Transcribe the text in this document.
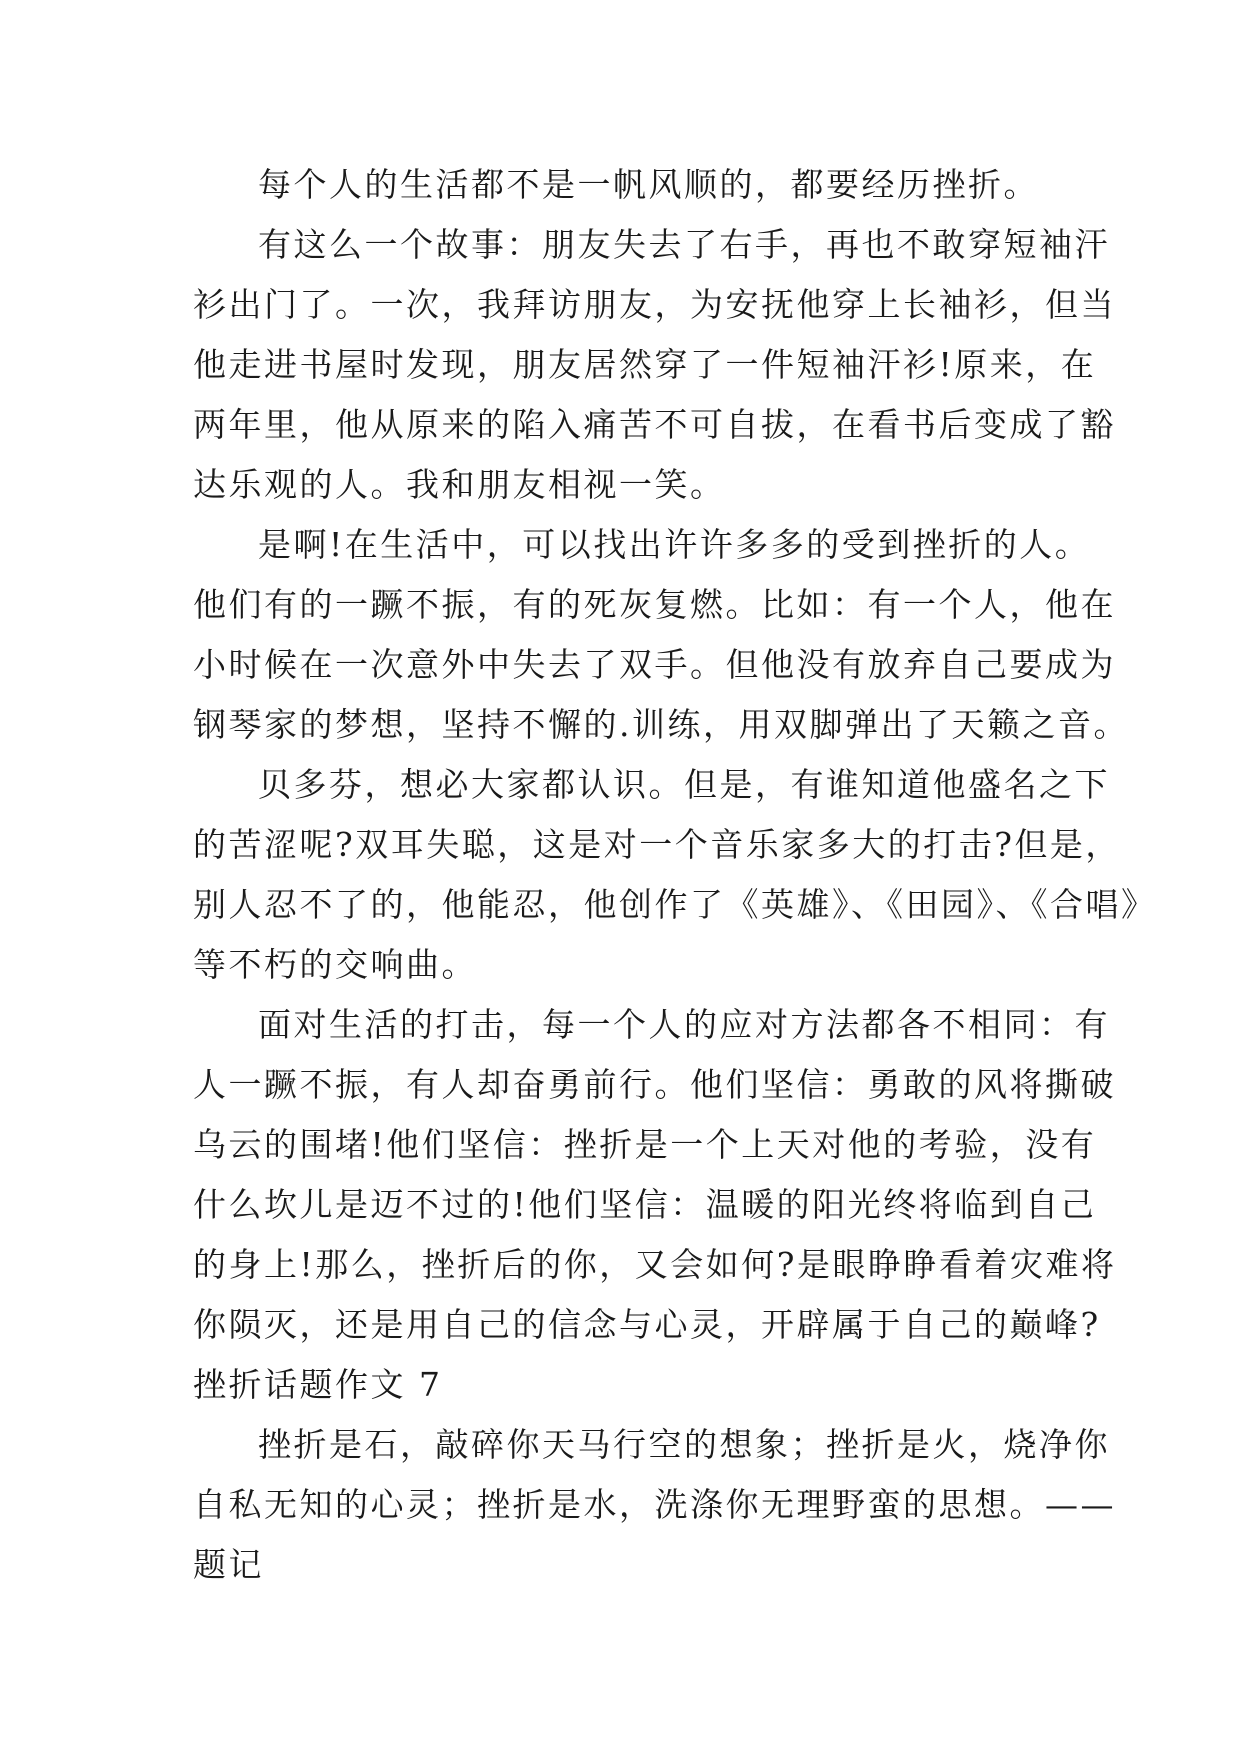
每个人的生活都不是一帆风顺的，都要经历挫折。
有这么一个故事：朋友失去了右手，再也不敢穿短袖汗
衫出门了。一次，我拜访朋友，为安抚他穿上长袖衫，但当
他走进书屋时发现，朋友居然穿了一件短袖汗衫!原来，在
两年里，他从原来的陷入痛苦不可自拔，在看书后变成了豁
达乐观的人。我和朋友相视一笑。
是啊!在生活中，可以找出许许多多的受到挫折的人。
他们有的一蹶不振，有的死灰复燃。比如：有一个人，他在
小时候在一次意外中失去了双手。但他没有放弃自己要成为
钢琴家的梦想，坚持不懈的.训练，用双脚弹出了天籁之音。
贝多芬，想必大家都认识。但是，有谁知道他盛名之下
的苦涩呢?双耳失聪，这是对一个音乐家多大的打击?但是，
别人忍不了的，他能忍，他创作了《英雄》、《田园》、《合唱》
等不朽的交响曲。
面对生活的打击，每一个人的应对方法都各不相同：有
人一蹶不振，有人却奋勇前行。他们坚信：勇敢的风将撕破
乌云的围堵!他们坚信：挫折是一个上天对他的考验，没有
什么坎儿是迈不过的!他们坚信：温暖的阳光终将临到自己
的身上!那么，挫折后的你，又会如何?是眼睁睁看着灾难将
你陨灭，还是用自己的信念与心灵，开辟属于自己的巅峰?
挫折话题作文 7
挫折是石，敲碎你天马行空的想象；挫折是火，烧净你
自私无知的心灵；挫折是水，洗涤你无理野蛮的思想。——
题记
